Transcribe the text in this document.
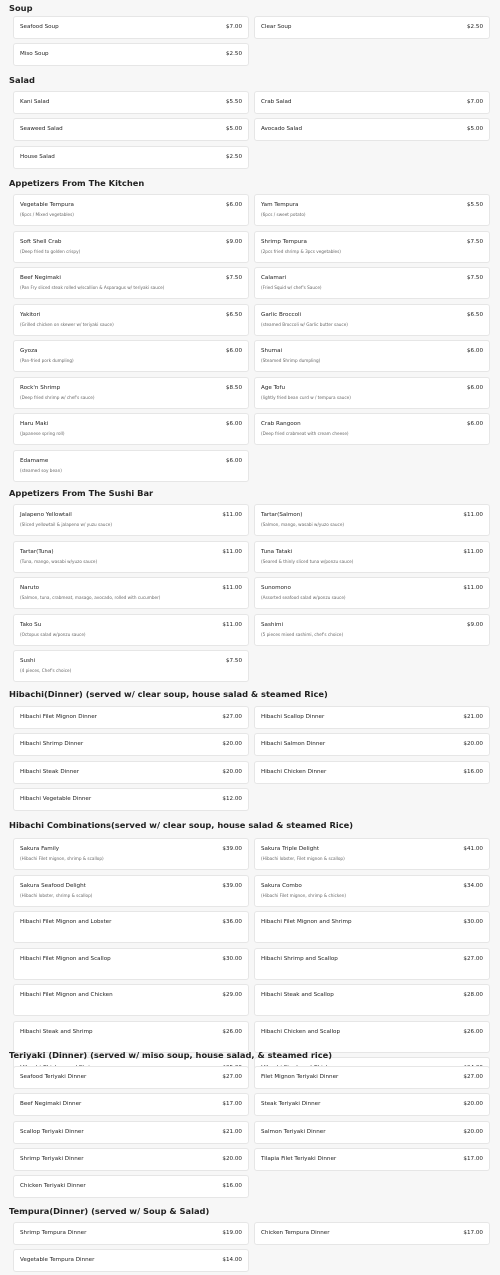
Soup
Seafood Soup	$7.00	Clear Soup	$2.50
Miso Soup	$2.50
Salad
Kani Salad	$5.50	Crab Salad	$7.00
Seaweed Salad	$5.00	Avocado Salad	$5.00
House Salad	$2.50
Appetizers From The Kitchen
Vegetable Tempura	$6.00
(6pcs / Mixed vegetables)
Yam Tempura	$5.50
(6pcs / sweet potato)
Soft Shell Crab	$9.00
(Deep fried to golden crispy)
Shrimp Tempura	$7.50
(2pcs fried shrimp & 3pcs vegetables)
Beef Negimaki	$7.50
(Pan Fry sliced steak rolled w/scallion & Asparagus w/ teriyaki sauce)
Calamari	$7.50
(Fried Squid w/ chef's Sauce)
Yakitori	$6.50
(Grilled chicken on skewer w/ teriyaki sauce)
Garlic Broccoli	$6.50
(steamed Broccoli w/ Garlic butter sauce)
Gyoza	$6.00
(Pan-fried pork dumpling)
Shumai	$6.00
(Steamed Shrimp dumpling)
Rock'n Shrimp	$8.50
(Deep fried shrimp w/ chef's sauce)
Age Tofu	$6.00
(lightly fried bean curd w / tempura sauce)
Haru Maki	$6.00
(Japanese spring roll)
Crab Rangoon	$6.00
(Deep fried crabmeat with cream cheese)
Edamame	$6.00
(steamed soy bean)
Appetizers From The Sushi Bar
Jalapeno Yellowtail	$11.00
(Sliced yellowtail & jalapeno w/ yuzu sauce)
Tartar(Salmon)	$11.00
(Salmon, mango, wasabi w/yuzo sauce)
Tartar(Tuna)	$11.00
(Tuna, mango, wasabi w/yuzo sauce)
Tuna Tataki	$11.00
(Seared & thinly sliced tuna w/ponzu sauce)
Naruto	$11.00
(Salmon, tuna, crabmeat, masago, avocado, rolled with cucumber)
Sunomono	$11.00
(Assorted seafood salad w/ponzu sauce)
Tako Su	$11.00
(Octopus salad w/ponzu sauce)
Sashimi	$9.00
(5 pieces mixed sashimi, chef's choice)
Sushi	$7.50
(4 pieces, Chef's choice)
Hibachi(Dinner) (served w/ clear soup, house salad & steamed Rice)
Hibachi Filet Mignon Dinner	$27.00	Hibachi Scallop Dinner	$21.00
Hibachi Shrimp Dinner	$20.00	Hibachi Salmon Dinner	$20.00
Hibachi Steak Dinner	$20.00	Hibachi Chicken Dinner	$16.00
Hibachi Vegetable Dinner	$12.00
Hibachi Combinations(served w/ clear soup, house salad & steamed Rice)
Sakura Family	$39.00
(Hibachi Filet mignon, shrimp & scallop)
Sakura Triple Delight	$41.00
(Hibachi lobster, Filet mignon & scallop)
Sakura Seafood Delight	$39.00
(Hibachi lobster, shrimp & scallop)
Sakura Combo	$34.00
(Hibachi Filet mignon, shrimp & chicken)
Hibachi Filet Mignon and Lobster	$36.00	Hibachi Filet Mignon and Shrimp	$30.00
Hibachi Filet Mignon and Scallop	$30.00	Hibachi Shrimp and Scallop	$27.00
Hibachi Filet Mignon and Chicken	$29.00	Hibachi Steak and Scallop	$28.00
Hibachi Steak and Shrimp	$26.00	Hibachi Chicken and Scallop	$26.00
Teriyaki (Dinner) (served w/ miso soup, house salad, & steamed rice)
Seafood Teriyaki Dinner	$27.00	Filet Mignon Teriyaki Dinner	$27.00
Beef Negimaki Dinner	$17.00	Steak Teriyaki Dinner	$20.00
Scallop Teriyaki Dinner	$21.00	Salmon Teriyaki Dinner	$20.00
Shrimp Teriyaki Dinner	$20.00	Tilapia Filet Teriyaki Dinner	$17.00
Chicken Teriyaki Dinner	$16.00
Tempura(Dinner) (served w/ Soup & Salad)
Shrimp Tempura Dinner	$19.00	Chicken Tempura Dinner	$17.00
Vegetable Tempura Dinner	$14.00
